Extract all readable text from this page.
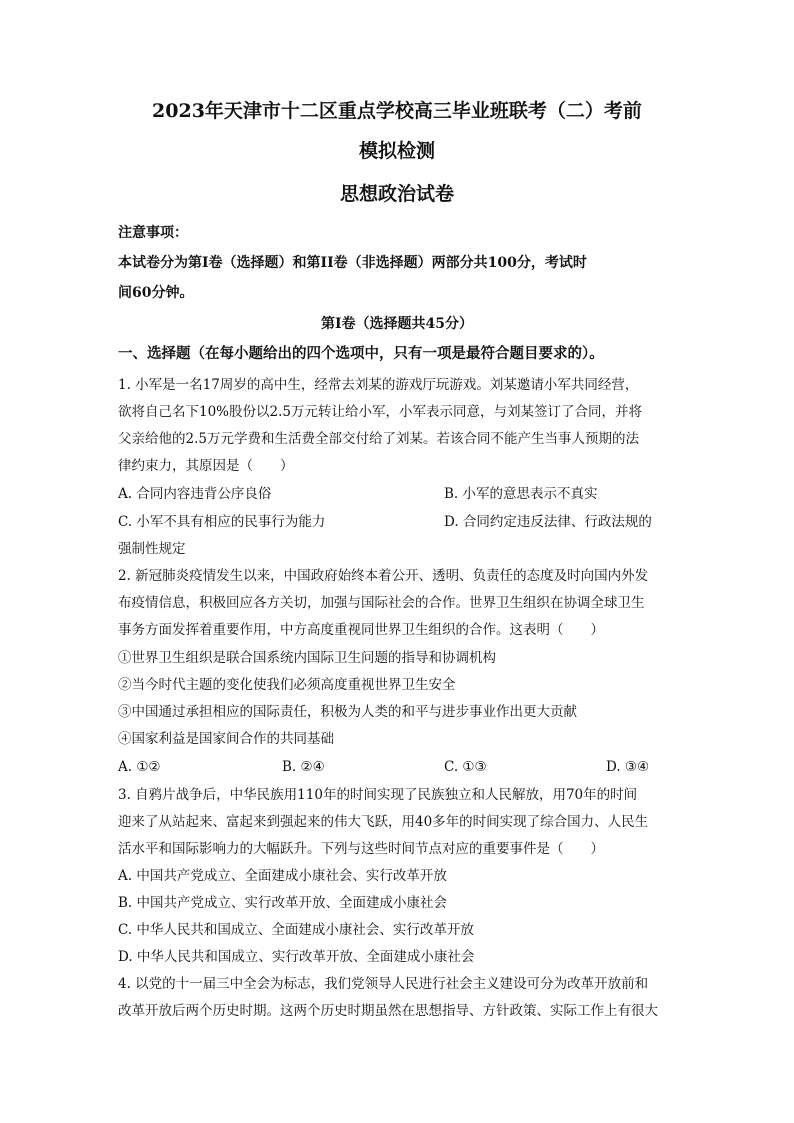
2023年天津市十二区重点学校高三毕业班联考（二）考前
模拟检测
思想政治试卷
注意事项：
本试卷分为第Ⅰ卷（选择题）和第II卷（非选择题）两部分共100分，考试时
间60分钟。
第Ⅰ卷（选择题共45分）
一、选择题（在每小题给出的四个选项中，只有一项是最符合题目要求的）。
1. 小军是一名17周岁的高中生，经常去刘某的游戏厅玩游戏。刘某邀请小军共同经营，
欲将自己名下10%股份以2.5万元转让给小军，小军表示同意，与刘某签订了合同，并将
父亲给他的2.5万元学费和生活费全部交付给了刘某。若该合同不能产生当事人预期的法
律约束力，其原因是（　　）
A. 合同内容违背公序良俗	B. 小军的意思表示不真实
C. 小军不具有相应的民事行为能力	D. 合同约定违反法律、行政法规的
强制性规定
2. 新冠肺炎疫情发生以来，中国政府始终本着公开、透明、负责任的态度及时向国内外发
布疫情信息，积极回应各方关切，加强与国际社会的合作。世界卫生组织在协调全球卫生
事务方面发挥着重要作用，中方高度重视同世界卫生组织的合作。这表明（　　）
①世界卫生组织是联合国系统内国际卫生问题的指导和协调机构
②当今时代主题的变化使我们必须高度重视世界卫生安全
③中国通过承担相应的国际责任，积极为人类的和平与进步事业作出更大贡献
④国家利益是国家间合作的共同基础
A. ①②	B. ②④	C. ①③	D. ③④
3. 自鸦片战争后，中华民族用110年的时间实现了民族独立和人民解放，用70年的时间
迎来了从站起来、富起来到强起来的伟大飞跃，用40多年的时间实现了综合国力、人民生
活水平和国际影响力的大幅跃升。下列与这些时间节点对应的重要事件是（　　）
A. 中国共产党成立、全面建成小康社会、实行改革开放
B. 中国共产党成立、实行改革开放、全面建成小康社会
C. 中华人民共和国成立、全面建成小康社会、实行改革开放
D. 中华人民共和国成立、实行改革开放、全面建成小康社会
4. 以党的十一届三中全会为标志，我们党领导人民进行社会主义建设可分为改革开放前和
改革开放后两个历史时期。这两个历史时期虽然在思想指导、方针政策、实际工作上有很大
